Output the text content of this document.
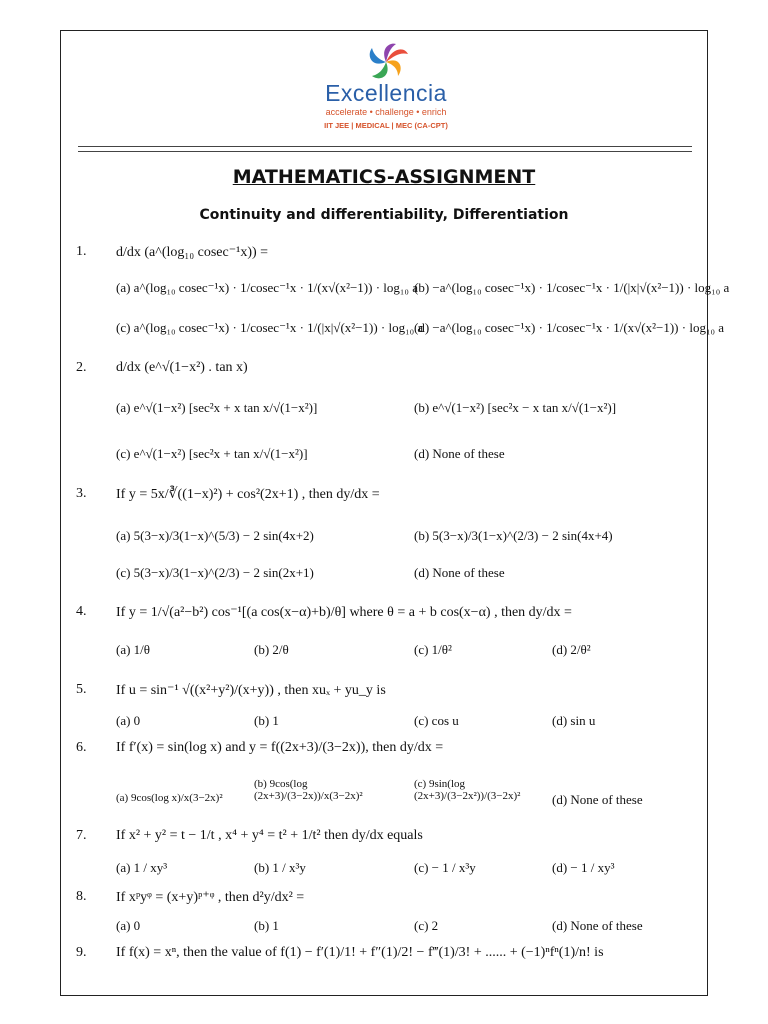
Excellencia
accelerate • challenge • enrich
IIT JEE | MEDICAL | MEC (CA-CPT)
MATHEMATICS-ASSIGNMENT
Continuity and differentiability, Differentiation
1. d/dx (a^(log₁₀ cosec⁻¹x)) =
(a) a^(log₁₀ cosec⁻¹x) · 1/cosec⁻¹x · 1/(x√(x²−1)) · log₁₀ a
(b) −a^(log₁₀ cosec⁻¹x) · 1/cosec⁻¹x · 1/(|x|√(x²−1)) · log₁₀ a
(c) a^(log₁₀ cosec⁻¹x) · 1/cosec⁻¹x · 1/(|x|√(x²−1)) · log₁₀ a
(d) −a^(log₁₀ cosec⁻¹x) · 1/cosec⁻¹x · 1/(x√(x²−1)) · log₁₀ a
2. d/dx (e^√(1−x²) . tan x)
(a) e^√(1−x²) [sec²x + x tan x/√(1−x²)]	(b) e^√(1−x²) [sec²x − x tan x/√(1−x²)]
(c) e^√(1−x²) [sec²x + tan x/√(1−x²)]	(d) None of these
3. If y = 5x/∛((1−x)²) + cos²(2x+1) , then dy/dx =
(a) 5(3−x)/3(1−x)^(5/3) − 2 sin(4x+2)	(b) 5(3−x)/3(1−x)^(2/3) − 2 sin(4x+4)
(c) 5(3−x)/3(1−x)^(2/3) − 2 sin(2x+1)	(d) None of these
4. If y = 1/√(a²−b²) cos⁻¹[(a cos(x−α)+b)/θ] where θ = a + b cos(x−α) , then dy/dx =
(a) 1/θ	(b) 2/θ	(c) 1/θ²	(d) 2/θ²
5. If u = sin⁻¹ √((x²+y²)/(x+y)) , then xuₓ + yu_y is
(a) 0	(b) 1	(c) cos u	(d) sin u
6. If f′(x) = sin(log x) and y = f((2x+3)/(3−2x)), then dy/dx =
(a) 9cos(log x)/x(3−2x)²
(b) 9cos(log (2x+3)/(3−2x))/x(3−2x)²
(c) 9sin(log (2x+3)/(3−2x²))/(3−2x)²	(d) None of these
7. If x² + y² = t − 1/t , x⁴ + y⁴ = t² + 1/t² then dy/dx equals
(a) 1 / xy³	(b) 1 / x³y	(c) − 1 / x³y	(d) − 1 / xy³
8. If xᵖyᵠ = (x+y)ᵖ⁺ᵠ , then d²y/dx² =
(a) 0	(b) 1	(c) 2	(d) None of these
9. If f(x) = xⁿ, then the value of f(1) − f′(1)/1! + f″(1)/2! − f‴(1)/3! + ...... + (−1)ⁿfⁿ(1)/n! is
